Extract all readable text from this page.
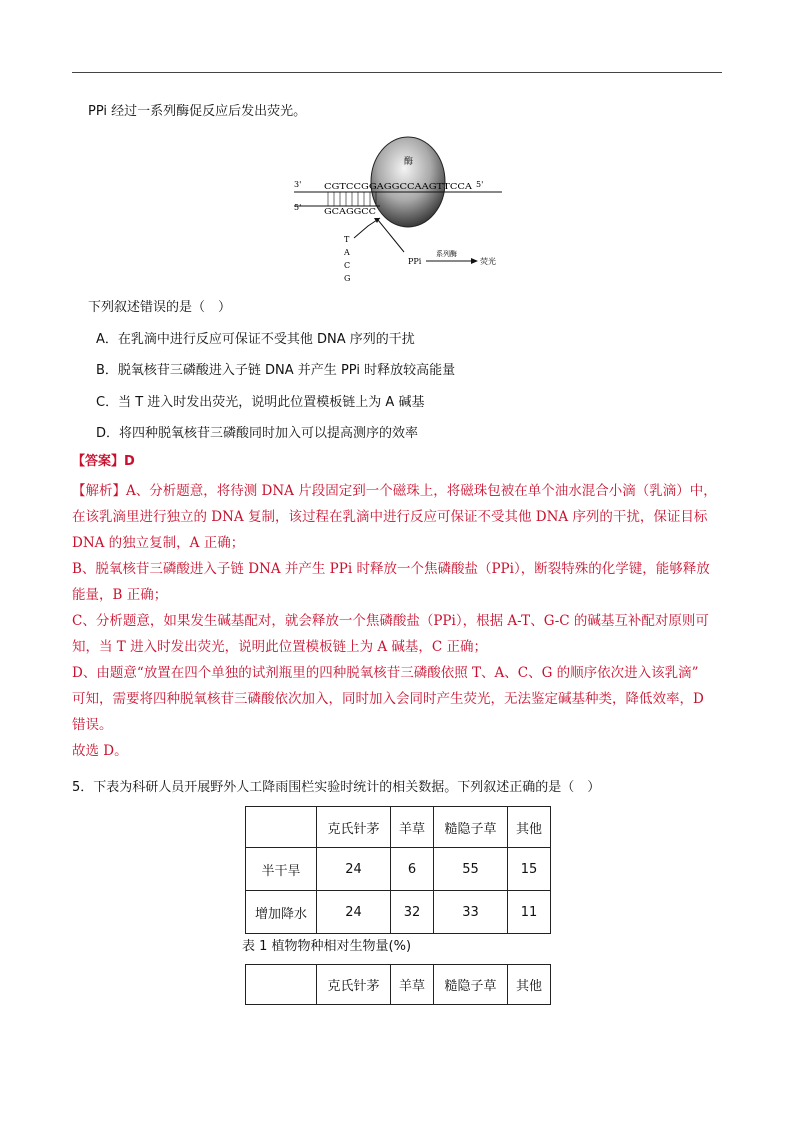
PPi 经过一系列酶促反应后发出荧光。
酶
3'	CGTCCGGAGGCCAAGTTCCA 5'
5'	GCAGGCC
T
A
C
G
PPi
系列酶
荧光
下列叙述错误的是（　）
A．在乳滴中进行反应可保证不受其他 DNA 序列的干扰
B．脱氧核苷三磷酸进入子链 DNA 并产生 PPi 时释放较高能量
C．当 T 进入时发出荧光，说明此位置模板链上为 A 碱基
D．将四种脱氧核苷三磷酸同时加入可以提高测序的效率
【答案】D
【解析】A、分析题意，将待测 DNA 片段固定到一个磁珠上，将磁珠包被在单个油水混合小滴（乳滴）中，
在该乳滴里进行独立的 DNA 复制，该过程在乳滴中进行反应可保证不受其他 DNA 序列的干扰，保证目标
DNA 的独立复制，A 正确；
B、脱氧核苷三磷酸进入子链 DNA 并产生 PPi 时释放一个焦磷酸盐（PPi），断裂特殊的化学键，能够释放
能量，B 正确；
C、分析题意，如果发生碱基配对，就会释放一个焦磷酸盐（PPi），根据 A-T、G-C 的碱基互补配对原则可
知，当 T 进入时发出荧光，说明此位置模板链上为 A 碱基，C 正确；
D、由题意“放置在四个单独的试剂瓶里的四种脱氧核苷三磷酸依照 T、A、C、G 的顺序依次进入该乳滴”
可知，需要将四种脱氧核苷三磷酸依次加入，同时加入会同时产生荧光，无法鉴定碱基种类，降低效率，D
错误。
故选 D。
5．下表为科研人员开展野外人工降雨围栏实验时统计的相关数据。下列叙述正确的是（　）
	克氏针茅	羊草	糙隐子草	其他
半干旱	24	6	55	15
增加降水	24	32	33	11
表 1 植物物种相对生物量(%)
	克氏针茅	羊草	糙隐子草	其他
